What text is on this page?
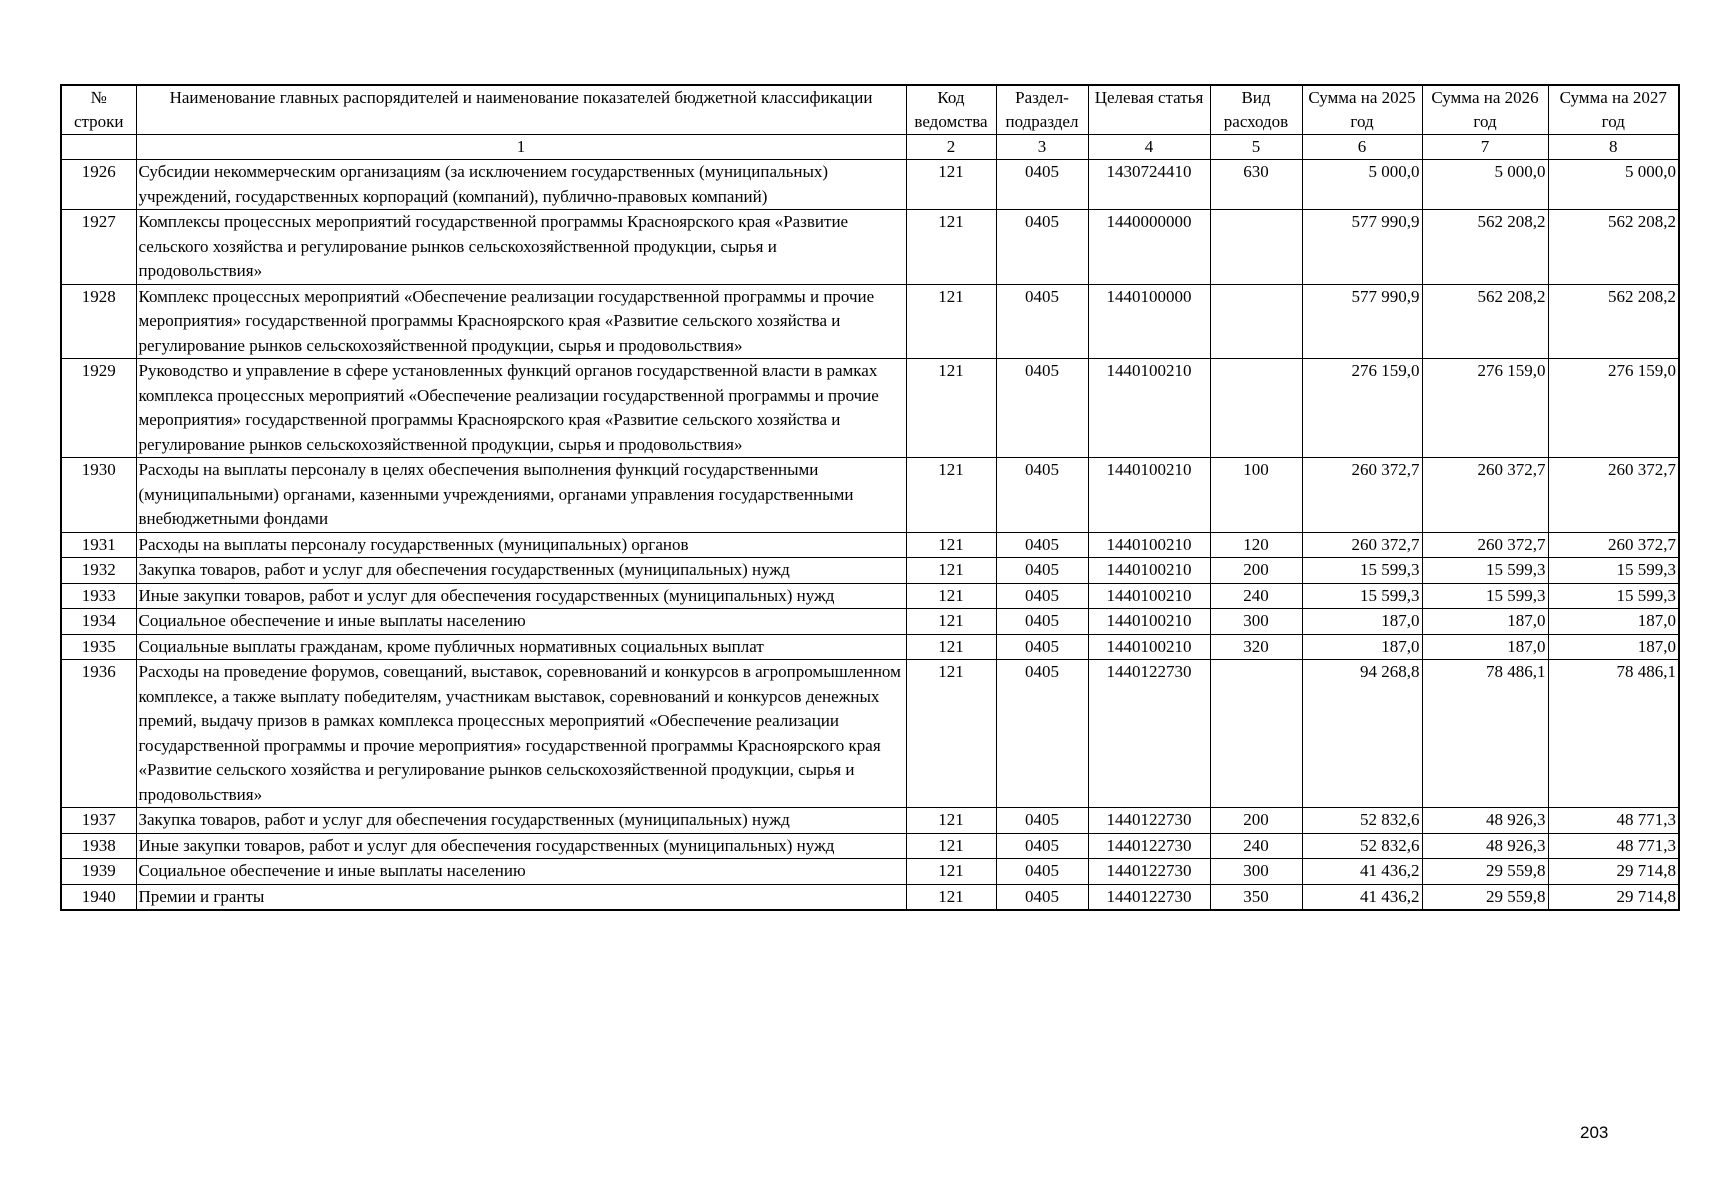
№ строки	Наименование главных распорядителей и наименование показателей бюджетной классификации	Код ведомства	Раздел-подраздел	Целевая статья	Вид расходов	Сумма на 2025 год	Сумма на 2026 год	Сумма на 2027 год
	1	2	3	4	5	6	7	8
1926	Субсидии некоммерческим организациям (за исключением государственных (муниципальных) учреждений, государственных корпораций (компаний), публично-правовых компаний)	121	0405	1430724410	630	5 000,0	5 000,0	5 000,0
1927	Комплексы процессных мероприятий государственной программы Красноярского края «Развитие сельского хозяйства и регулирование рынков сельскохозяйственной продукции, сырья и продовольствия»	121	0405	1440000000		577 990,9	562 208,2	562 208,2
1928	Комплекс процессных мероприятий «Обеспечение реализации государственной программы и прочие мероприятия» государственной программы Красноярского края «Развитие сельского хозяйства и регулирование рынков сельскохозяйственной продукции, сырья и продовольствия»	121	0405	1440100000		577 990,9	562 208,2	562 208,2
1929	Руководство и управление в сфере установленных функций органов государственной власти в рамках комплекса процессных мероприятий «Обеспечение реализации государственной программы и прочие мероприятия» государственной программы Красноярского края «Развитие сельского хозяйства и регулирование рынков сельскохозяйственной продукции, сырья и продовольствия»	121	0405	1440100210		276 159,0	276 159,0	276 159,0
1930	Расходы на выплаты персоналу в целях обеспечения выполнения функций государственными (муниципальными) органами, казенными учреждениями, органами управления государственными внебюджетными фондами	121	0405	1440100210	100	260 372,7	260 372,7	260 372,7
1931	Расходы на выплаты персоналу государственных (муниципальных) органов	121	0405	1440100210	120	260 372,7	260 372,7	260 372,7
1932	Закупка товаров, работ и услуг для обеспечения государственных (муниципальных) нужд	121	0405	1440100210	200	15 599,3	15 599,3	15 599,3
1933	Иные закупки товаров, работ и услуг для обеспечения государственных (муниципальных) нужд	121	0405	1440100210	240	15 599,3	15 599,3	15 599,3
1934	Социальное обеспечение и иные выплаты населению	121	0405	1440100210	300	187,0	187,0	187,0
1935	Социальные выплаты гражданам, кроме публичных нормативных социальных выплат	121	0405	1440100210	320	187,0	187,0	187,0
1936	Расходы на проведение форумов, совещаний, выставок, соревнований и конкурсов в агропромышленном комплексе, а также выплату победителям, участникам выставок, соревнований и конкурсов денежных премий, выдачу призов в рамках комплекса процессных мероприятий «Обеспечение реализации государственной программы и прочие мероприятия» государственной программы Красноярского края «Развитие сельского хозяйства и регулирование рынков сельскохозяйственной продукции, сырья и продовольствия»	121	0405	1440122730		94 268,8	78 486,1	78 486,1
1937	Закупка товаров, работ и услуг для обеспечения государственных (муниципальных) нужд	121	0405	1440122730	200	52 832,6	48 926,3	48 771,3
1938	Иные закупки товаров, работ и услуг для обеспечения государственных (муниципальных) нужд	121	0405	1440122730	240	52 832,6	48 926,3	48 771,3
1939	Социальное обеспечение и иные выплаты населению	121	0405	1440122730	300	41 436,2	29 559,8	29 714,8
1940	Премии и гранты	121	0405	1440122730	350	41 436,2	29 559,8	29 714,8
203
